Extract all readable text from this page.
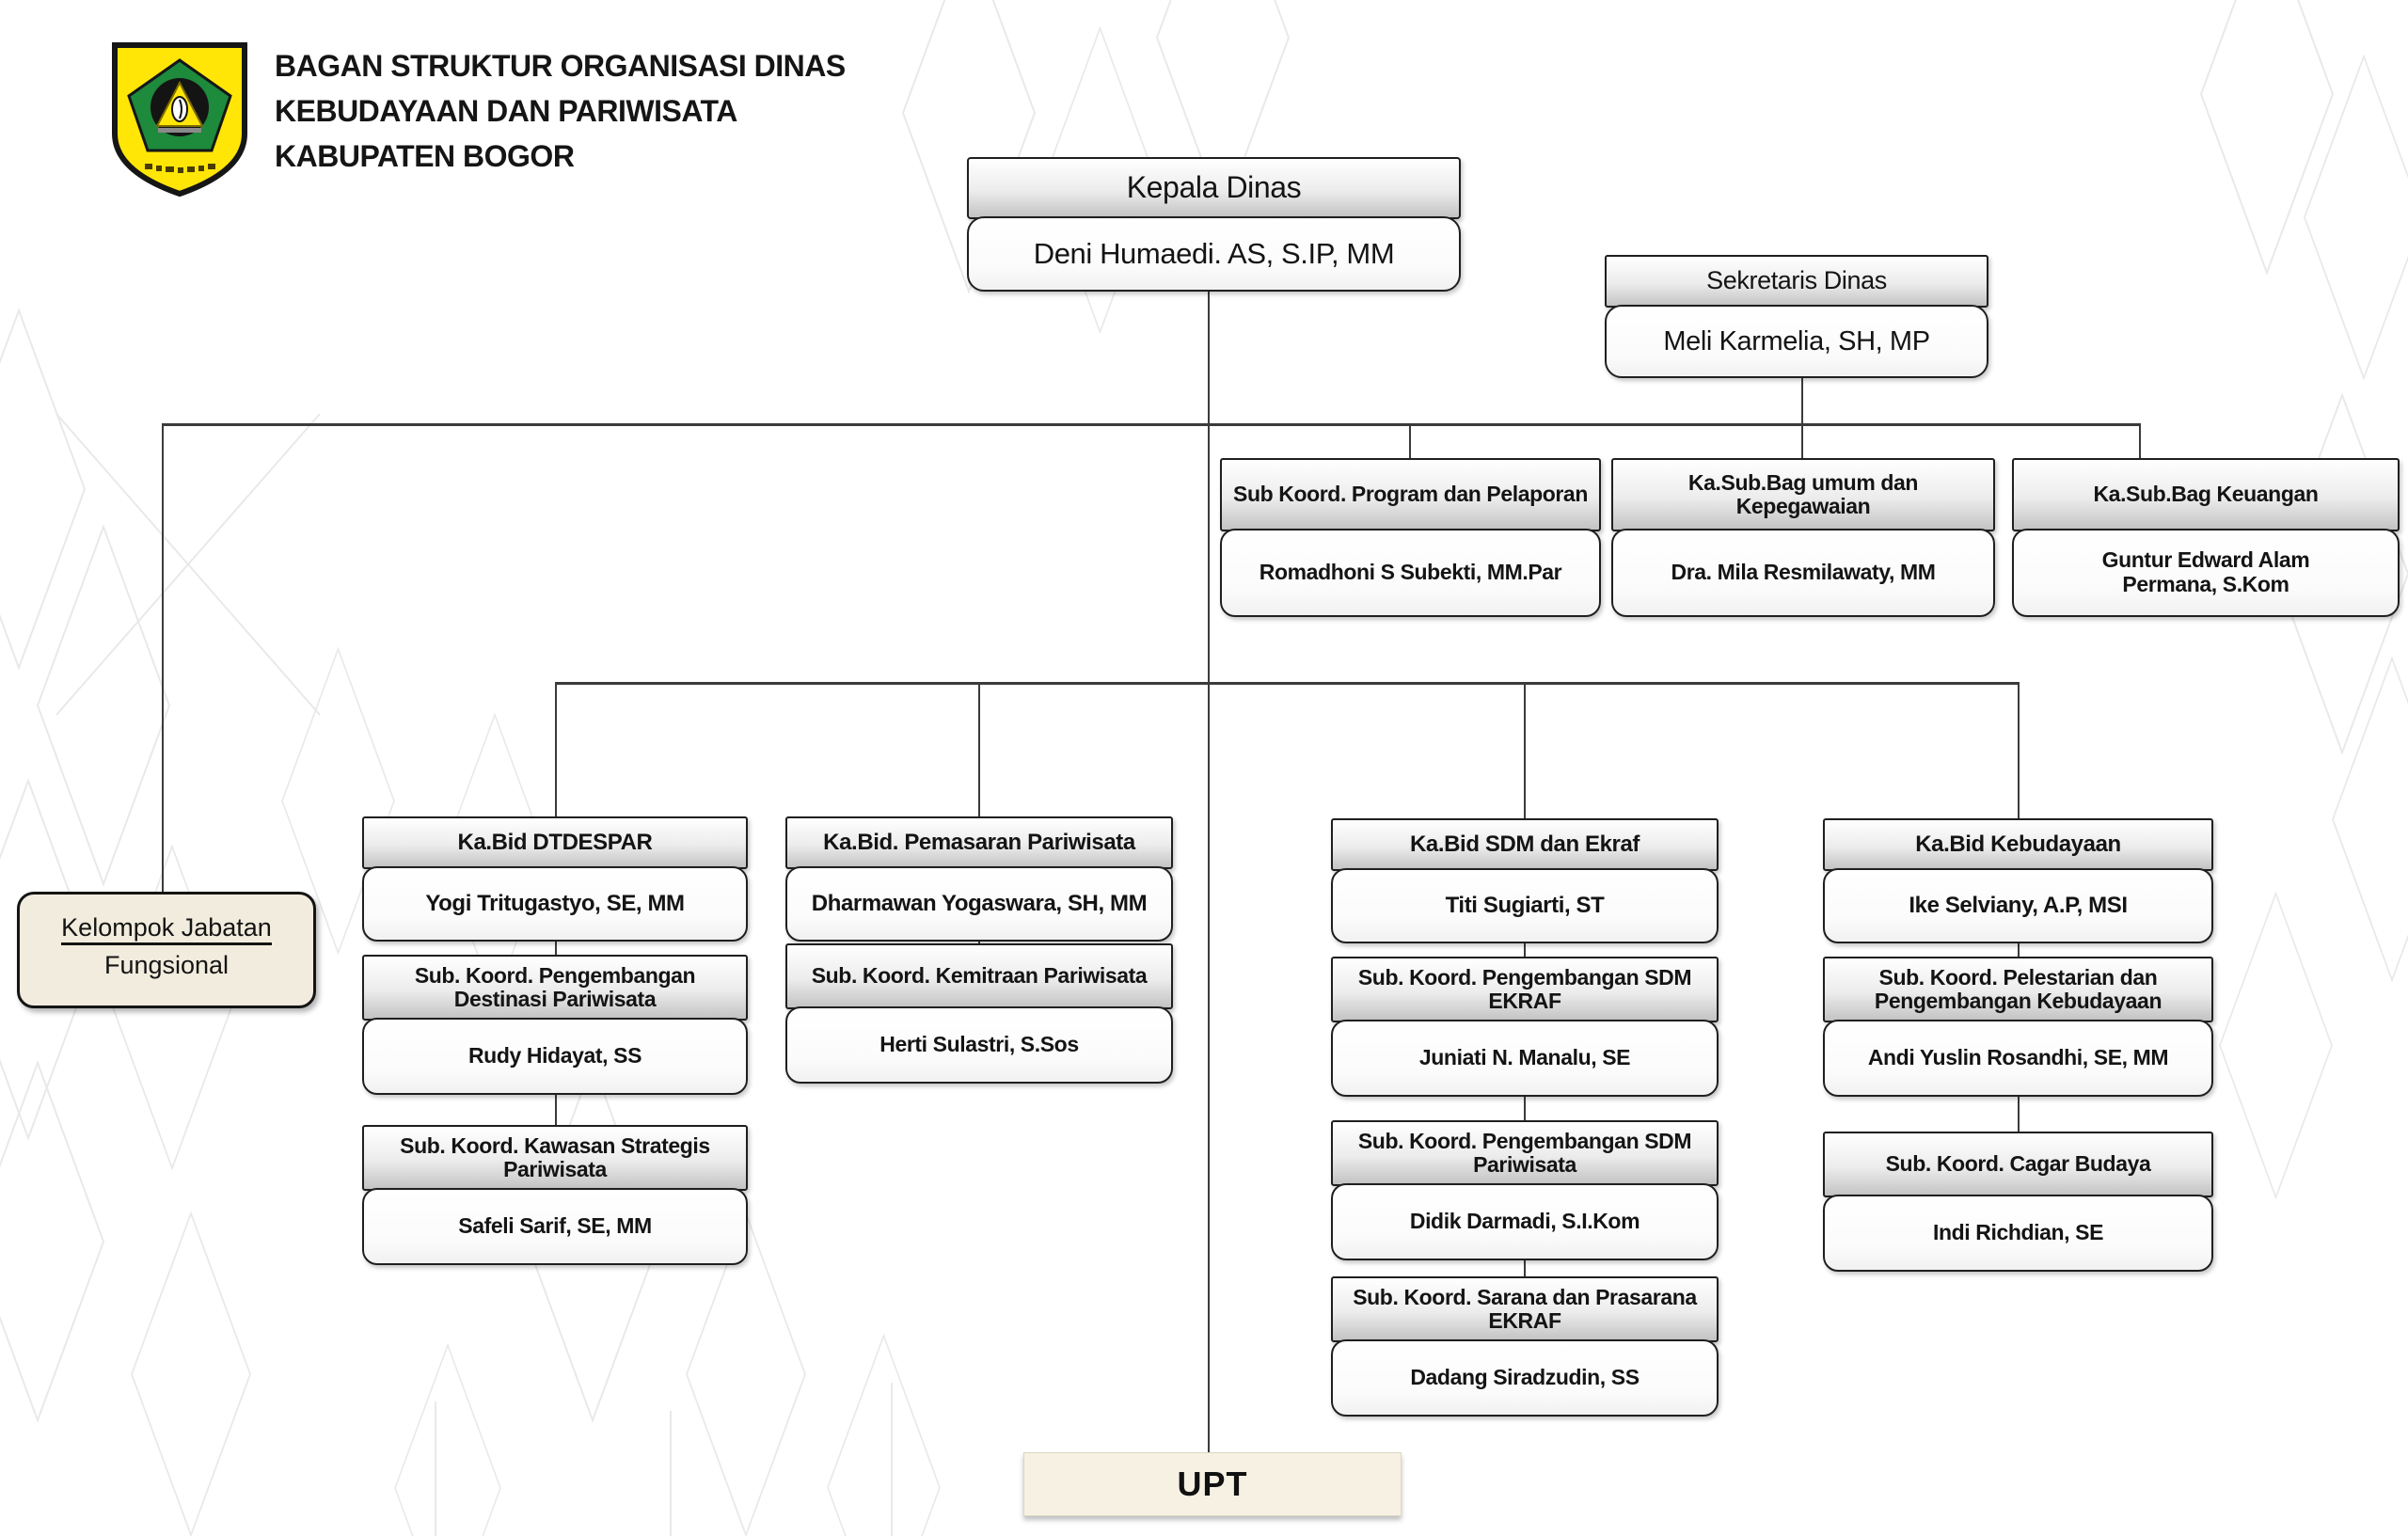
BAGAN STRUKTUR ORGANISASI DINAS
KEBUDAYAAN DAN PARIWISATA
KABUPATEN BOGOR
Kepala Dinas
Deni Humaedi. AS, S.IP, MM
Sekretaris Dinas
Meli Karmelia, SH, MP
Sub Koord. Program dan Pelaporan
Romadhoni S Subekti, MM.Par
Ka.Sub.Bag umum dan Kepegawaian
Dra. Mila Resmilawaty, MM
Ka.Sub.Bag Keuangan
Guntur Edward Alam Permana, S.Kom
Kelompok Jabatan
Fungsional
Ka.Bid DTDESPAR
Yogi Tritugastyo, SE, MM
Sub. Koord. Pengembangan Destinasi Pariwisata
Rudy Hidayat, SS
Sub. Koord. Kawasan Strategis Pariwisata
Safeli Sarif, SE, MM
Ka.Bid. Pemasaran Pariwisata
Dharmawan Yogaswara, SH, MM
Sub. Koord. Kemitraan Pariwisata
Herti Sulastri, S.Sos
Ka.Bid SDM dan Ekraf
Titi Sugiarti, ST
Sub. Koord. Pengembangan SDM EKRAF
Juniati N. Manalu, SE
Sub. Koord. Pengembangan SDM Pariwisata
Didik Darmadi, S.I.Kom
Sub. Koord. Sarana dan Prasarana EKRAF
Dadang Siradzudin, SS
Ka.Bid Kebudayaan
Ike Selviany, A.P, MSI
Sub. Koord. Pelestarian dan Pengembangan Kebudayaan
Andi Yuslin Rosandhi, SE, MM
Sub. Koord. Cagar Budaya
Indi Richdian, SE
UPT
